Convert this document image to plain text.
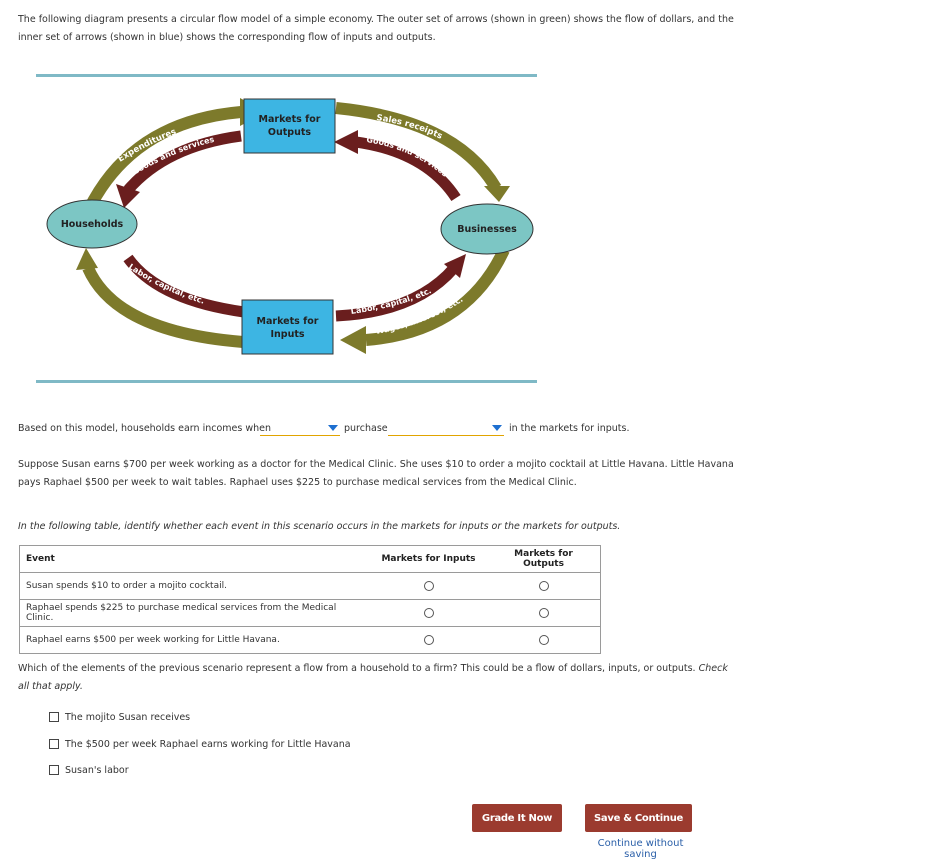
The following diagram presents a circular flow model of a simple economy. The outer set of arrows (shown in green) shows the flow of dollars, and the
inner set of arrows (shown in blue) shows the corresponding flow of inputs and outputs.
Expenditures
Goods and services
Sales receipts
Goods and services
Labor, capital, etc.
Incomes
Labor, capital, etc.
Wages, interest, etc.
Markets for
Outputs
Markets for
Inputs
Households	Businesses
Based on this model, households earn incomes when	purchase	in the markets for inputs.
Suppose Susan earns $700 per week working as a doctor for the Medical Clinic. She uses $10 to order a mojito cocktail at Little Havana. Little Havana
pays Raphael $500 per week to wait tables. Raphael uses $225 to purchase medical services from the Medical Clinic.
In the following table, identify whether each event in this scenario occurs in the markets for inputs or the markets for outputs.
Event	Markets for Inputs	Markets for Outputs
Susan spends $10 to order a mojito cocktail.		
Raphael spends $225 to purchase medical services from the Medical Clinic.		
Raphael earns $500 per week working for Little Havana.		
Which of the elements of the previous scenario represent a flow from a household to a firm? This could be a flow of dollars, inputs, or outputs. Check
all that apply.
The mojito Susan receives
The $500 per week Raphael earns working for Little Havana
Susan's labor
Grade It Now	Save & Continue
Continue without saving
